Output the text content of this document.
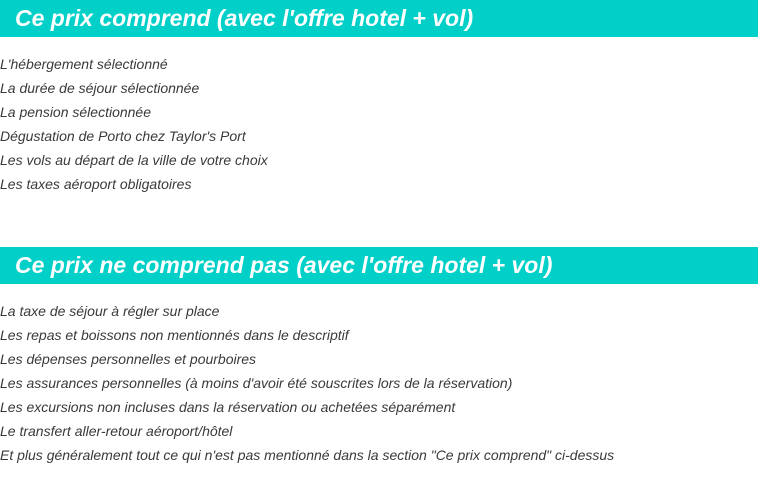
Ce prix comprend (avec l'offre hotel + vol)
L'hébergement sélectionné
La durée de séjour sélectionnée
La pension sélectionnée
Dégustation de Porto chez Taylor's Port
Les vols au départ de la ville de votre choix
Les taxes aéroport obligatoires
Ce prix ne comprend pas (avec l'offre hotel + vol)
La taxe de séjour à régler sur place
Les repas et boissons non mentionnés dans le descriptif
Les dépenses personnelles et pourboires
Les assurances personnelles (à moins d'avoir été souscrites lors de la réservation)
Les excursions non incluses dans la réservation ou achetées séparément
Le transfert aller-retour aéroport/hôtel
Et plus généralement tout ce qui n'est pas mentionné dans la section "Ce prix comprend" ci-dessus
